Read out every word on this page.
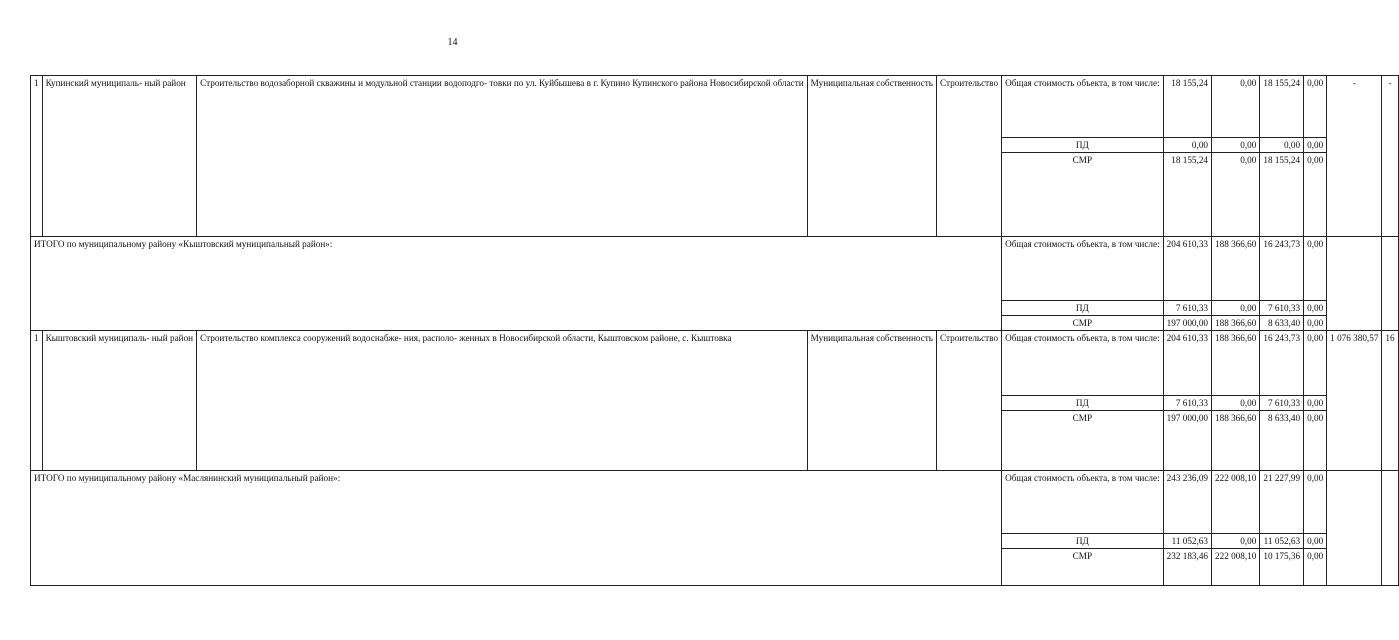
14
1	Купинский муниципаль- ный район	Строительство водозаборной скважины и модульной станции водоподго- товки по ул. Куйбышева в г. Купино Купинского района Новосибирской области	Муниципальная собственность	Строительство	Общая стоимость объекта, в том числе:	18 155,24	0,00	18 155,24	0,00	-	-
					ПД	0,00	0,00	0,00	0,00		
					СМР	18 155,24	0,00	18 155,24	0,00		
ИТОГО по муниципальному району «Кыштовский муниципальный район»:					Общая стоимость объекта, в том числе:	204 610,33	188 366,60	16 243,73	0,00		
					ПД	7 610,33	0,00	7 610,33	0,00		
					СМР	197 000,00	188 366,60	8 633,40	0,00		
1	Кыштовский муниципаль- ный район	Строительство комплекса сооружений водоснабже- ния, располо- женных в Новосибирской области, Кыштовском районе, с. Кыштовка	Муниципальная собственность	Строительство	Общая стоимость объекта, в том числе:	204 610,33	188 366,60	16 243,73	0,00	1 076 380,57	16
					ПД	7 610,33	0,00	7 610,33	0,00		
					СМР	197 000,00	188 366,60	8 633,40	0,00		
ИТОГО по муниципальному району «Маслянинский муниципальный район»:					Общая стоимость объекта, в том числе:	243 236,09	222 008,10	21 227,99	0,00		
					ПД	11 052,63	0,00	11 052,63	0,00		
					СМР	232 183,46	222 008,10	10 175,36	0,00		
